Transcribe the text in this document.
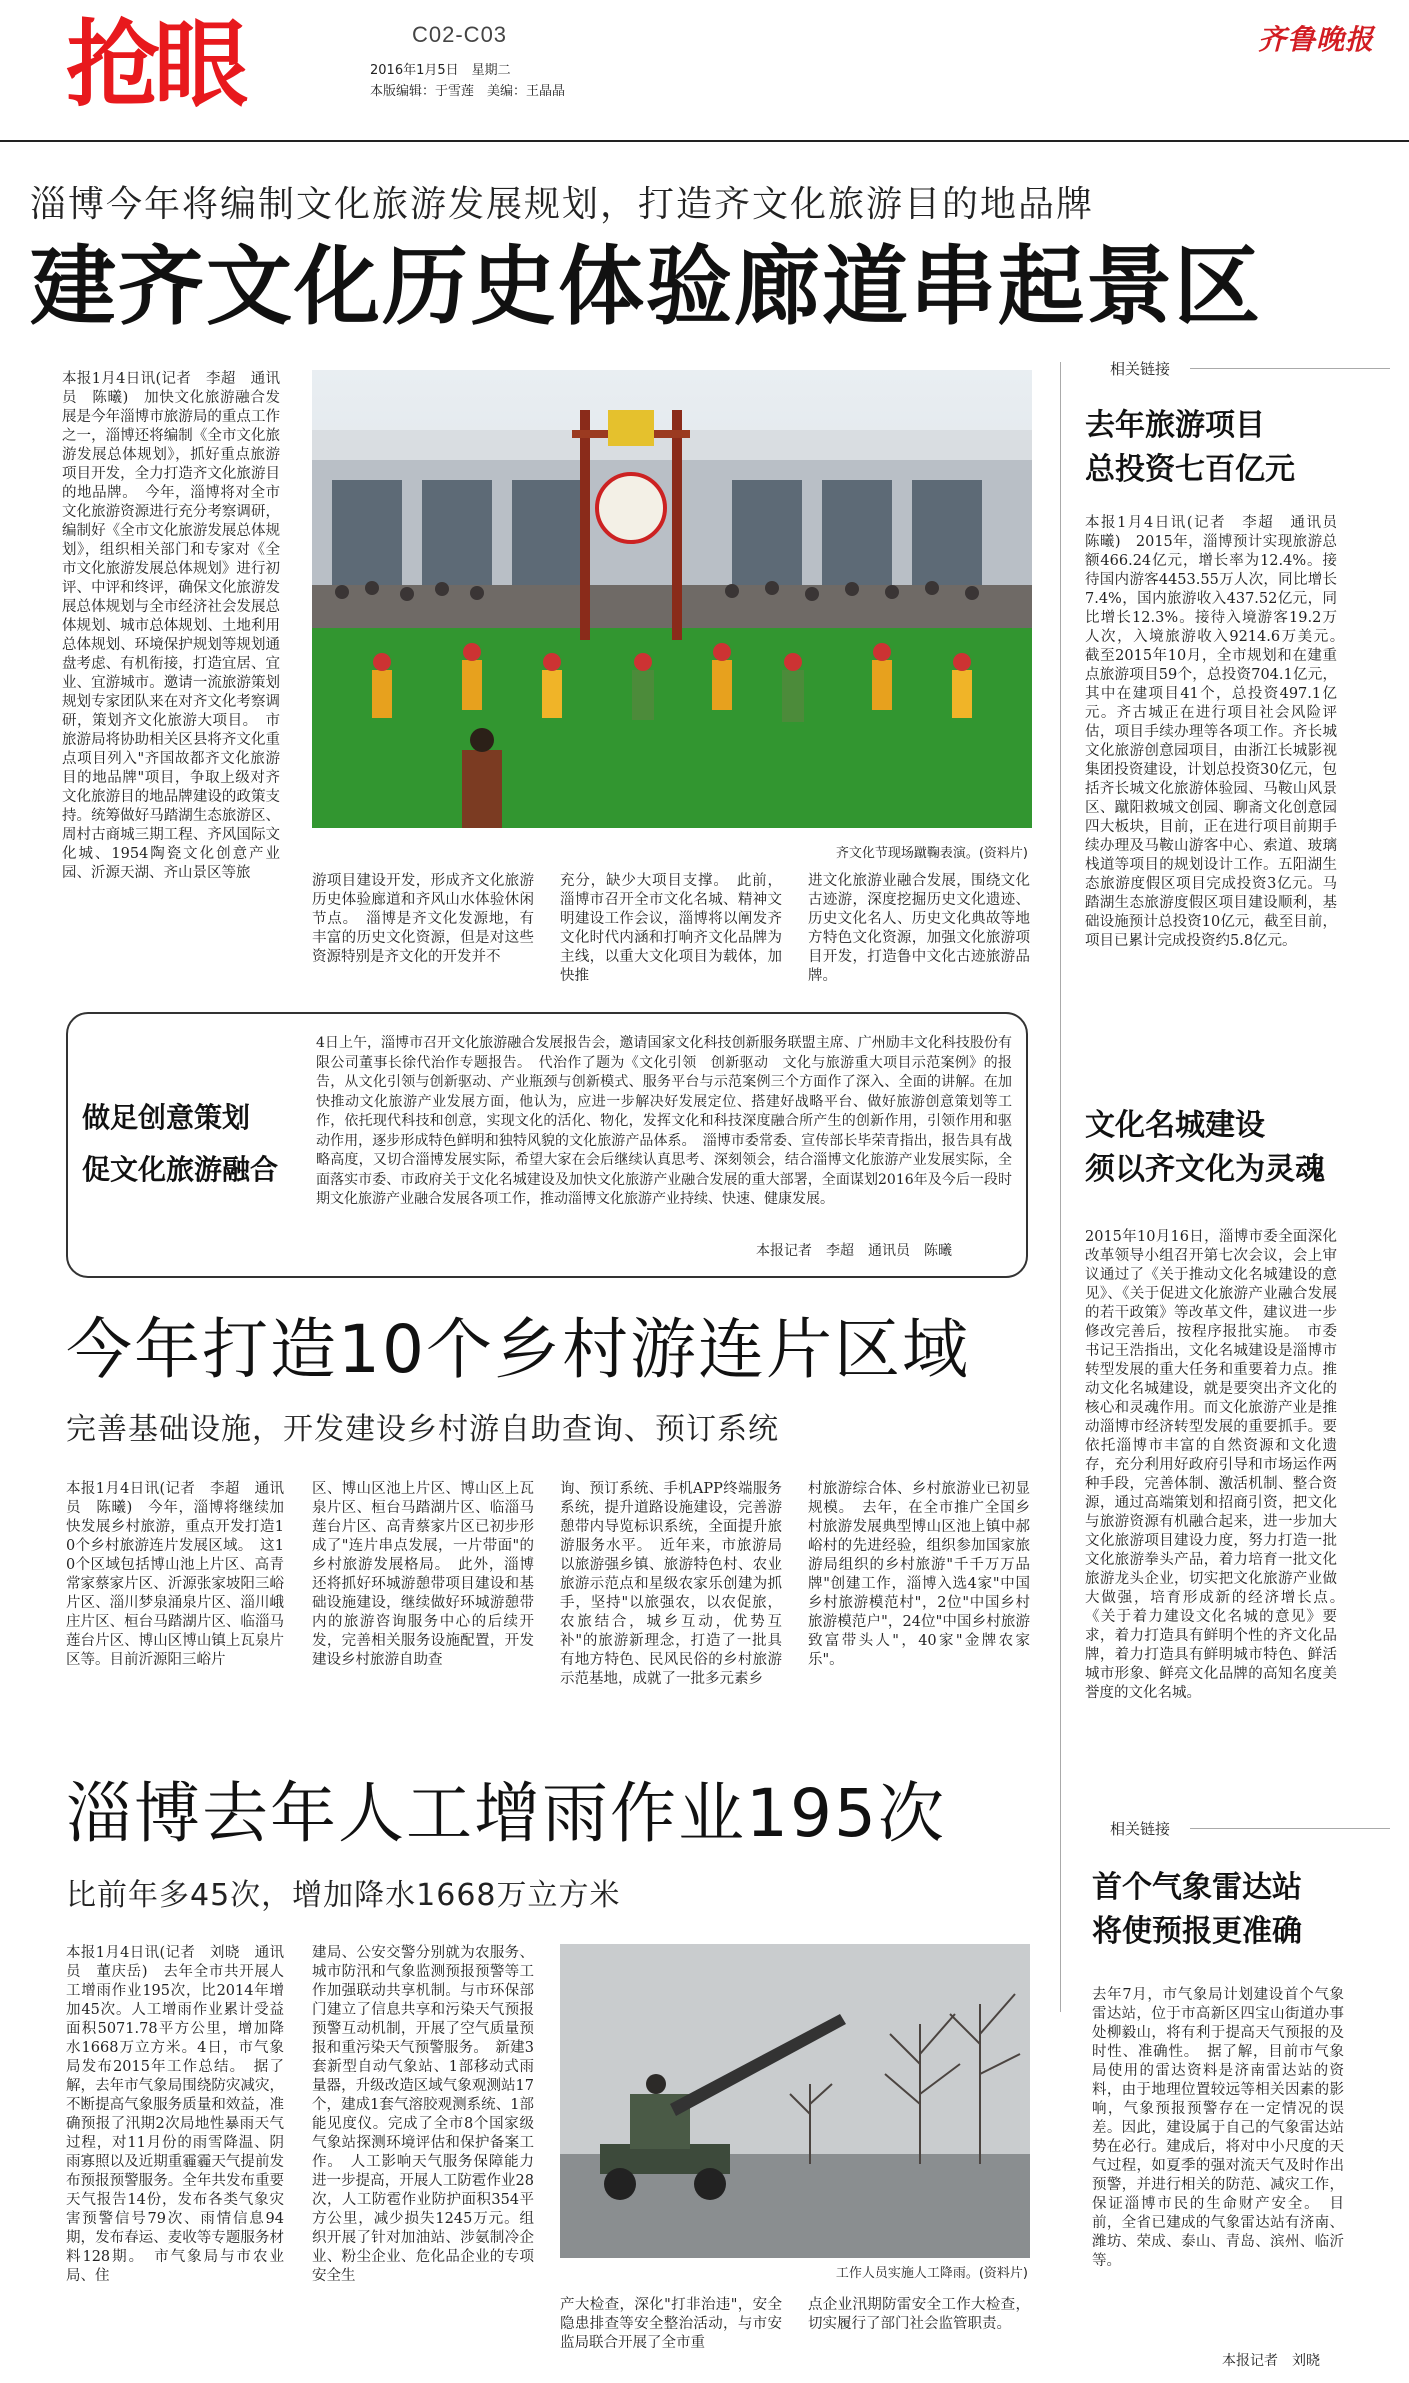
抢眼	C02-C03
2016年1月5日　星期二
本版编辑：于雪莲　美编：王晶晶
齐鲁晚报
淄博今年将编制文化旅游发展规划，打造齐文化旅游目的地品牌
建齐文化历史体验廊道串起景区
本报1月4日讯(记者　李超　通讯员　陈曦)　加快文化旅游融合发展是今年淄博市旅游局的重点工作之一，淄博还将编制《全市文化旅游发展总体规划》，抓好重点旅游项目开发，全力打造齐文化旅游目的地品牌。　今年，淄博将对全市文化旅游资源进行充分考察调研，编制好《全市文化旅游发展总体规划》，组织相关部门和专家对《全市文化旅游发展总体规划》进行初评、中评和终评，确保文化旅游发展总体规划与全市经济社会发展总体规划、城市总体规划、土地利用总体规划、环境保护规划等规划通盘考虑、有机衔接，打造宜居、宜业、宜游城市。邀请一流旅游策划规划专家团队来在对齐文化考察调研，策划齐文化旅游大项目。　市旅游局将协助相关区县将齐文化重点项目列入"齐国故都齐文化旅游目的地品牌"项目，争取上级对齐文化旅游目的地品牌建设的政策支持。统筹做好马踏湖生态旅游区、周村古商城三期工程、齐风国际文化城、1954陶瓷文化创意产业园、沂源天湖、齐山景区等旅
齐文化节现场蹴鞠表演。(资料片)
游项目建设开发，形成齐文化旅游历史体验廊道和齐风山水体验休闲节点。　淄博是齐文化发源地，有丰富的历史文化资源，但是对这些资源特别是齐文化的开发并不
充分，缺少大项目支撑。　此前，淄博市召开全市文化名城、精神文明建设工作会议，淄博将以阐发齐文化时代内涵和打响齐文化品牌为主线，以重大文化项目为载体，加快推
进文化旅游业融合发展，围绕文化古迹游，深度挖掘历史文化遗迹、历史文化名人、历史文化典故等地方特色文化资源，加强文化旅游项目开发，打造鲁中文化古迹旅游品牌。
相关链接
去年旅游项目
总投资七百亿元
本报1月4日讯(记者　李超　通讯员　陈曦)　2015年，淄博预计实现旅游总额466.24亿元，增长率为12.4%。接待国内游客4453.55万人次，同比增长7.4%，国内旅游收入437.52亿元，同比增长12.3%。接待入境游客19.2万人次，入境旅游收入9214.6万美元。　截至2015年10月，全市规划和在建重点旅游项目59个，总投资704.1亿元，其中在建项目41个，总投资497.1亿元。齐古城正在进行项目社会风险评估，项目手续办理等各项工作。齐长城文化旅游创意园项目，由浙江长城影视集团投资建设，计划总投资30亿元，包括齐长城文化旅游体验园、马鞍山风景区、蹴阳救城文创园、聊斋文化创意园四大板块，目前，正在进行项目前期手续办理及马鞍山游客中心、索道、玻璃栈道等项目的规划设计工作。五阳湖生态旅游度假区项目完成投资3亿元。马踏湖生态旅游度假区项目建设顺利，基础设施预计总投资10亿元，截至目前，项目已累计完成投资约5.8亿元。
做足创意策划
促文化旅游融合
4日上午，淄博市召开文化旅游融合发展报告会，邀请国家文化科技创新服务联盟主席、广州励丰文化科技股份有限公司董事长徐代治作专题报告。　代治作了题为《文化引领　创新驱动　文化与旅游重大项目示范案例》的报告，从文化引领与创新驱动、产业瓶颈与创新模式、服务平台与示范案例三个方面作了深入、全面的讲解。在加快推动文化旅游产业发展方面，他认为，应进一步解决好发展定位、搭建好战略平台、做好旅游创意策划等工作，依托现代科技和创意，实现文化的活化、物化，发挥文化和科技深度融合所产生的创新作用，引领作用和驱动作用，逐步形成特色鲜明和独特风貌的文化旅游产品体系。　淄博市委常委、宣传部长毕荣青指出，报告具有战略高度，又切合淄博发展实际，希望大家在会后继续认真思考、深刻领会，结合淄博文化旅游产业发展实际，全面落实市委、市政府关于文化名城建设及加快文化旅游产业融合发展的重大部署，全面谋划2016年及今后一段时期文化旅游产业融合发展各项工作，推动淄博文化旅游产业持续、快速、健康发展。
本报记者　李超　通讯员　陈曦
今年打造10个乡村游连片区域
完善基础设施，开发建设乡村游自助查询、预订系统
本报1月4日讯(记者　李超　通讯员　陈曦)　今年，淄博将继续加快发展乡村旅游，重点开发打造10个乡村旅游连片发展区域。　这10个区域包括博山池上片区、高青常家蔡家片区、沂源张家坡阳三峪片区、淄川梦泉涌泉片区、淄川峨庄片区、桓台马踏湖片区、临淄马莲台片区、博山区博山镇上瓦泉片区等。目前沂源阳三峪片
区、博山区池上片区、博山区上瓦泉片区、桓台马踏湖片区、临淄马莲台片区、高青蔡家片区已初步形成了"连片串点发展，一片带面"的乡村旅游发展格局。　此外，淄博还将抓好环城游憩带项目建设和基础设施建设，继续做好环城游憩带内的旅游咨询服务中心的后续开发，完善相关服务设施配置，开发建设乡村旅游自助查
询、预订系统、手机APP终端服务系统，提升道路设施建设，完善游憩带内导览标识系统，全面提升旅游服务水平。　近年来，市旅游局以旅游强乡镇、旅游特色村、农业旅游示范点和星级农家乐创建为抓手，坚持"以旅强农，以农促旅，农旅结合，城乡互动，优势互补"的旅游新理念，打造了一批具有地方特色、民风民俗的乡村旅游示范基地，成就了一批多元素乡
村旅游综合体、乡村旅游业已初显规模。　去年，在全市推广全国乡村旅游发展典型博山区池上镇中郝峪村的先进经验，组织参加国家旅游局组织的乡村旅游"千千万万品牌"创建工作，淄博入选4家"中国乡村旅游模范村"，2位"中国乡村旅游模范户"，24位"中国乡村旅游致富带头人"，40家"金牌农家乐"。
文化名城建设
须以齐文化为灵魂
2015年10月16日，淄博市委全面深化改革领导小组召开第七次会议，会上审议通过了《关于推动文化名城建设的意见》、《关于促进文化旅游产业融合发展的若干政策》等改革文件，建议进一步修改完善后，按程序报批实施。　市委书记王浩指出，文化名城建设是淄博市转型发展的重大任务和重要着力点。推动文化名城建设，就是要突出齐文化的核心和灵魂作用。而文化旅游产业是推动淄博市经济转型发展的重要抓手。要依托淄博市丰富的自然资源和文化遗存，充分利用好政府引导和市场运作两种手段，完善体制、激活机制、整合资源，通过高端策划和招商引资，把文化与旅游资源有机融合起来，进一步加大文化旅游项目建设力度，努力打造一批文化旅游拳头产品，着力培育一批文化旅游龙头企业，切实把文化旅游产业做大做强，培育形成新的经济增长点。　《关于着力建设文化名城的意见》要求，着力打造具有鲜明个性的齐文化品牌，着力打造具有鲜明城市特色、鲜活城市形象、鲜亮文化品牌的高知名度美誉度的文化名城。
淄博去年人工增雨作业195次
比前年多45次，增加降水1668万立方米
本报1月4日讯(记者　刘晓　通讯员　董庆岳)　去年全市共开展人工增雨作业195次，比2014年增加45次。人工增雨作业累计受益面积5071.78平方公里，增加降水1668万立方米。4日，市气象局发布2015年工作总结。　据了解，去年市气象局围绕防灾减灾，不断提高气象服务质量和效益，准确预报了汛期2次局地性暴雨天气过程，对11月份的雨雪降温、阴雨寡照以及近期重霾霾天气提前发布预报预警服务。全年共发布重要天气报告14份，发布各类气象灾害预警信号79次、雨情信息94期，发布春运、麦收等专题服务材料128期。　市气象局与市农业局、住
建局、公安交警分别就为农服务、城市防汛和气象监测预报预警等工作加强联动共享机制。与市环保部门建立了信息共享和污染天气预报预警互动机制，开展了空气质量预报和重污染天气预警服务。　新建3套新型自动气象站、1部移动式雨量器，升级改造区域气象观测站17个，建成1套气溶胶观测系统、1部能见度仪。完成了全市8个国家级气象站探测环境评估和保护备案工作。　人工影响天气服务保障能力进一步提高，开展人工防雹作业28次，人工防雹作业防护面积354平方公里，减少损失1245万元。组织开展了针对加油站、涉氨制冷企业、粉尘企业、危化品企业的专项安全生	工作人员实施人工降雨。(资料片)
产大检查，深化"打非治违"，安全隐患排查等安全整治活动，与市安监局联合开展了全市重
点企业汛期防雷安全工作大检查，切实履行了部门社会监管职责。
相关链接
首个气象雷达站
将使预报更准确
去年7月，市气象局计划建设首个气象雷达站，位于市高新区四宝山街道办事处柳毅山，将有利于提高天气预报的及时性、准确性。　据了解，目前市气象局使用的雷达资料是济南雷达站的资料，由于地理位置较远等相关因素的影响，气象预报预警存在一定情况的误差。因此，建设属于自己的气象雷达站势在必行。建成后，将对中小尺度的天气过程，如夏季的强对流天气及时作出预警，并进行相关的防范、减灾工作，保证淄博市民的生命财产安全。　目前，全省已建成的气象雷达站有济南、潍坊、荣成、泰山、青岛、滨州、临沂等。
本报记者　刘晓
